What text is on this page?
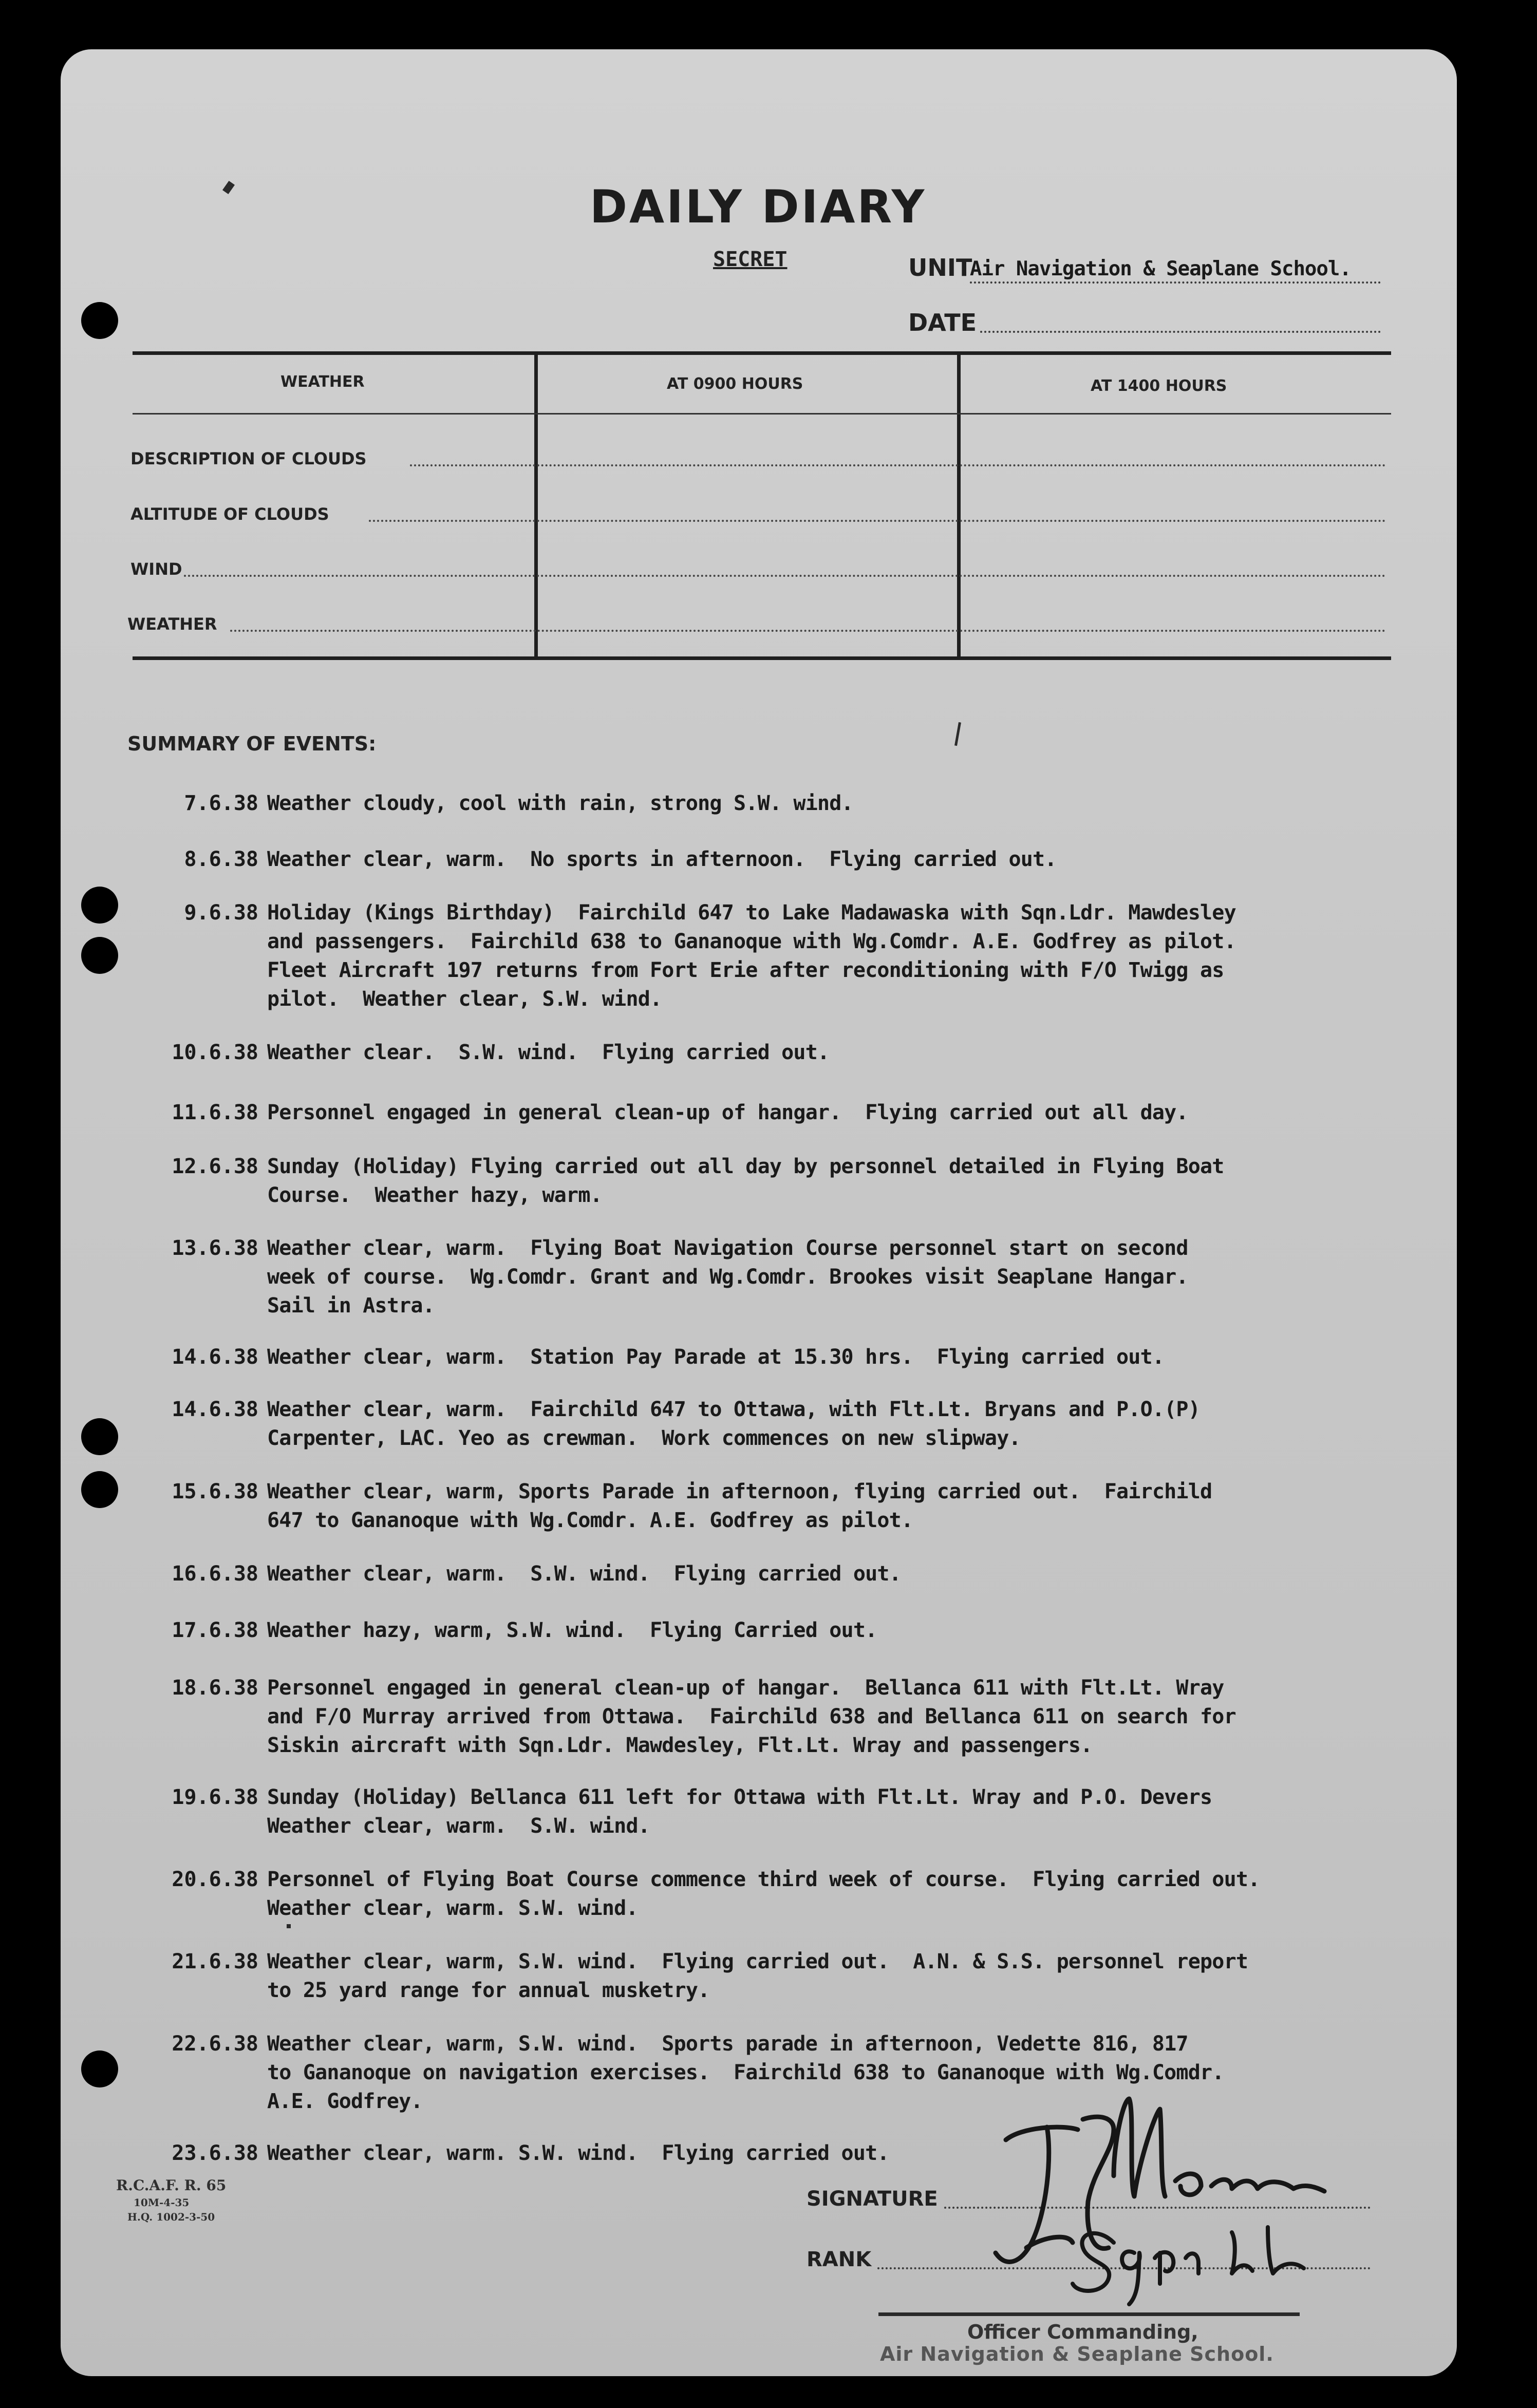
DAILY DIARY
SECRET	UNIT
Air Navigation & Seaplane School.
DATE
WEATHER	AT 0900 HOURS	AT 1400 HOURS
DESCRIPTION OF CLOUDS
ALTITUDE OF CLOUDS
WIND
WEATHER
SUMMARY OF EVENTS:
7.6.38 Weather cloudy, cool with rain, strong S.W. wind.
8.6.38 Weather clear, warm.  No sports in afternoon.  Flying carried out.
9.6.38 Holiday (Kings Birthday)  Fairchild 647 to Lake Madawaska with Sqn.Ldr. Mawdesley
and passengers.  Fairchild 638 to Gananoque with Wg.Comdr. A.E. Godfrey as pilot.
Fleet Aircraft 197 returns from Fort Erie after reconditioning with F/O Twigg as
pilot.  Weather clear, S.W. wind.
10.6.38 Weather clear.  S.W. wind.  Flying carried out.
11.6.38 Personnel engaged in general clean-up of hangar.  Flying carried out all day.
12.6.38 Sunday (Holiday) Flying carried out all day by personnel detailed in Flying Boat
Course.  Weather hazy, warm.
13.6.38 Weather clear, warm.  Flying Boat Navigation Course personnel start on second
week of course.  Wg.Comdr. Grant and Wg.Comdr. Brookes visit Seaplane Hangar.
Sail in Astra.
14.6.38 Weather clear, warm.  Station Pay Parade at 15.30 hrs.  Flying carried out.
14.6.38 Weather clear, warm.  Fairchild 647 to Ottawa, with Flt.Lt. Bryans and P.O.(P)
Carpenter, LAC. Yeo as crewman.  Work commences on new slipway.
15.6.38 Weather clear, warm, Sports Parade in afternoon, flying carried out.  Fairchild
647 to Gananoque with Wg.Comdr. A.E. Godfrey as pilot.
16.6.38 Weather clear, warm.  S.W. wind.  Flying carried out.
17.6.38 Weather hazy, warm, S.W. wind.  Flying Carried out.
18.6.38 Personnel engaged in general clean-up of hangar.  Bellanca 611 with Flt.Lt. Wray
and F/O Murray arrived from Ottawa.  Fairchild 638 and Bellanca 611 on search for
Siskin aircraft with Sqn.Ldr. Mawdesley, Flt.Lt. Wray and passengers.
19.6.38 Sunday (Holiday) Bellanca 611 left for Ottawa with Flt.Lt. Wray and P.O. Devers
Weather clear, warm.  S.W. wind.
20.6.38 Personnel of Flying Boat Course commence third week of course.  Flying carried out.
Weather clear, warm. S.W. wind.
21.6.38 Weather clear, warm, S.W. wind.  Flying carried out.  A.N. & S.S. personnel report
to 25 yard range for annual musketry.
22.6.38 Weather clear, warm, S.W. wind.  Sports parade in afternoon, Vedette 816, 817
to Gananoque on navigation exercises.  Fairchild 638 to Gananoque with Wg.Comdr.
A.E. Godfrey.
23.6.38 Weather clear, warm. S.W. wind.  Flying carried out.
R.C.A.F. R. 65
10M-4-35
H.Q. 1002-3-50
SIGNATURE
RANK
Officer Commanding,
Air Navigation & Seaplane School.
